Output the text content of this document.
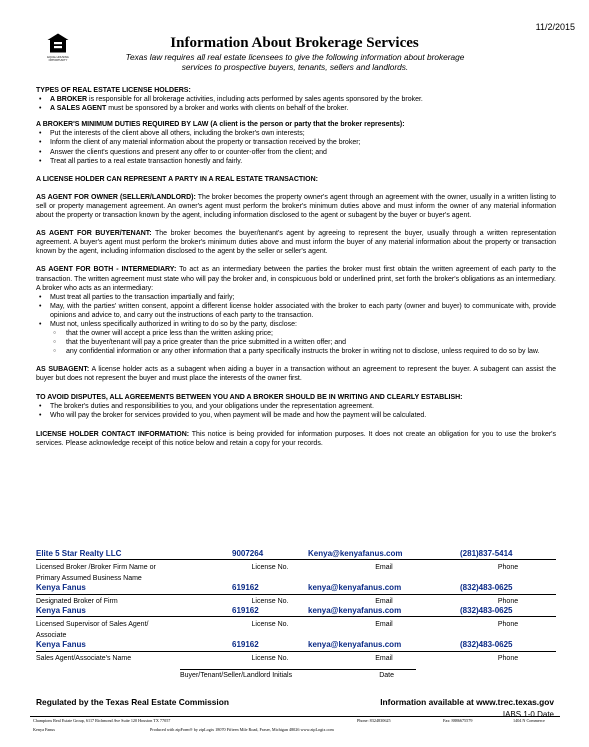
11/2/2015
EQUAL HOUSING OPPORTUNITY
Information About Brokerage Services
Texas law requires all real estate licensees to give the following information about brokerage services to prospective buyers, tenants, sellers and landlords.
TYPES OF REAL ESTATE LICENSE HOLDERS:
• A BROKER is responsible for all brokerage activities, including acts performed by sales agents sponsored by the broker.
• A SALES AGENT must be sponsored by a broker and works with clients on behalf of the broker.
A BROKER'S MINIMUM DUTIES REQUIRED BY LAW (A client is the person or party that the broker represents):
• Put the interests of the client above all others, including the broker's own interests;
• Inform the client of any material information about the property or transaction received by the broker;
• Answer the client's questions and present any offer to or counter-offer from the client; and
• Treat all parties to a real estate transaction honestly and fairly.
A LICENSE HOLDER CAN REPRESENT A PARTY IN A REAL ESTATE TRANSACTION:
AS AGENT FOR OWNER (SELLER/LANDLORD): The broker becomes the property owner's agent through an agreement with the owner, usually in a written listing to sell or property management agreement. An owner's agent must perform the broker's minimum duties above and must inform the owner of any material information about the property or transaction known by the agent, including information disclosed to the agent or subagent by the buyer or buyer's agent.
AS AGENT FOR BUYER/TENANT: The broker becomes the buyer/tenant's agent by agreeing to represent the buyer, usually through a written representation agreement. A buyer's agent must perform the broker's minimum duties above and must inform the buyer of any material information about the property or transaction known by the agent, including information disclosed to the agent by the seller or seller's agent.
AS AGENT FOR BOTH - INTERMEDIARY: To act as an intermediary between the parties the broker must first obtain the written agreement of each party to the transaction. The written agreement must state who will pay the broker and, in conspicuous bold or underlined print, set forth the broker's obligations as an intermediary. A broker who acts as an intermediary:
• Must treat all parties to the transaction impartially and fairly;
• May, with the parties' written consent, appoint a different license holder associated with the broker to each party (owner and buyer) to communicate with, provide opinions and advice to, and carry out the instructions of each party to the transaction.
• Must not, unless specifically authorized in writing to do so by the party, disclose:
○ that the owner will accept a price less than the written asking price;
○ that the buyer/tenant will pay a price greater than the price submitted in a written offer; and
○ any confidential information or any other information that a party specifically instructs the broker in writing not to disclose, unless required to do so by law.
AS SUBAGENT: A license holder acts as a subagent when aiding a buyer in a transaction without an agreement to represent the buyer. A subagent can assist the buyer but does not represent the buyer and must place the interests of the owner first.
TO AVOID DISPUTES, ALL AGREEMENTS BETWEEN YOU AND A BROKER SHOULD BE IN WRITING AND CLEARLY ESTABLISH:
• The broker's duties and responsibilities to you, and your obligations under the representation agreement.
• Who will pay the broker for services provided to you, when payment will be made and how the payment will be calculated.
LICENSE HOLDER CONTACT INFORMATION: This notice is being provided for information purposes. It does not create an obligation for you to use the broker's services. Please acknowledge receipt of this notice below and retain a copy for your records.
Elite 5 Star Realty LLC	9007264	Kenya@kenyafanus.com	(281)837-5414
Licensed Broker /Broker Firm Name or	License No.	Email	Phone
Primary Assumed Business Name
Kenya Fanus	619162	kenya@kenyafanus.com	(832)483-0625
Designated Broker of Firm	License No.	Email	Phone
Kenya Fanus	619162	kenya@kenyafanus.com	(832)483-0625
Licensed Supervisor of Sales Agent/	License No.	Email	Phone
Associate
Kenya Fanus	619162	kenya@kenyafanus.com	(832)483-0625
Sales Agent/Associate's Name	License No.	Email	Phone
Buyer/Tenant/Seller/Landlord Initials	Date
Regulated by the Texas Real Estate Commission	Information available at www.trec.texas.gov
IABS 1-0 Date
Champions Real Estate Group, 6117 Richmond Ave Suite 120 Houston TX 77057	Phone: 8324830625	Fax: 8886675579	1404 N Commerce
Kenya Fanus	Produced with zipForm® by zipLogix 18070 Fifteen Mile Road, Fraser, Michigan 48026 www.zipLogix.com
